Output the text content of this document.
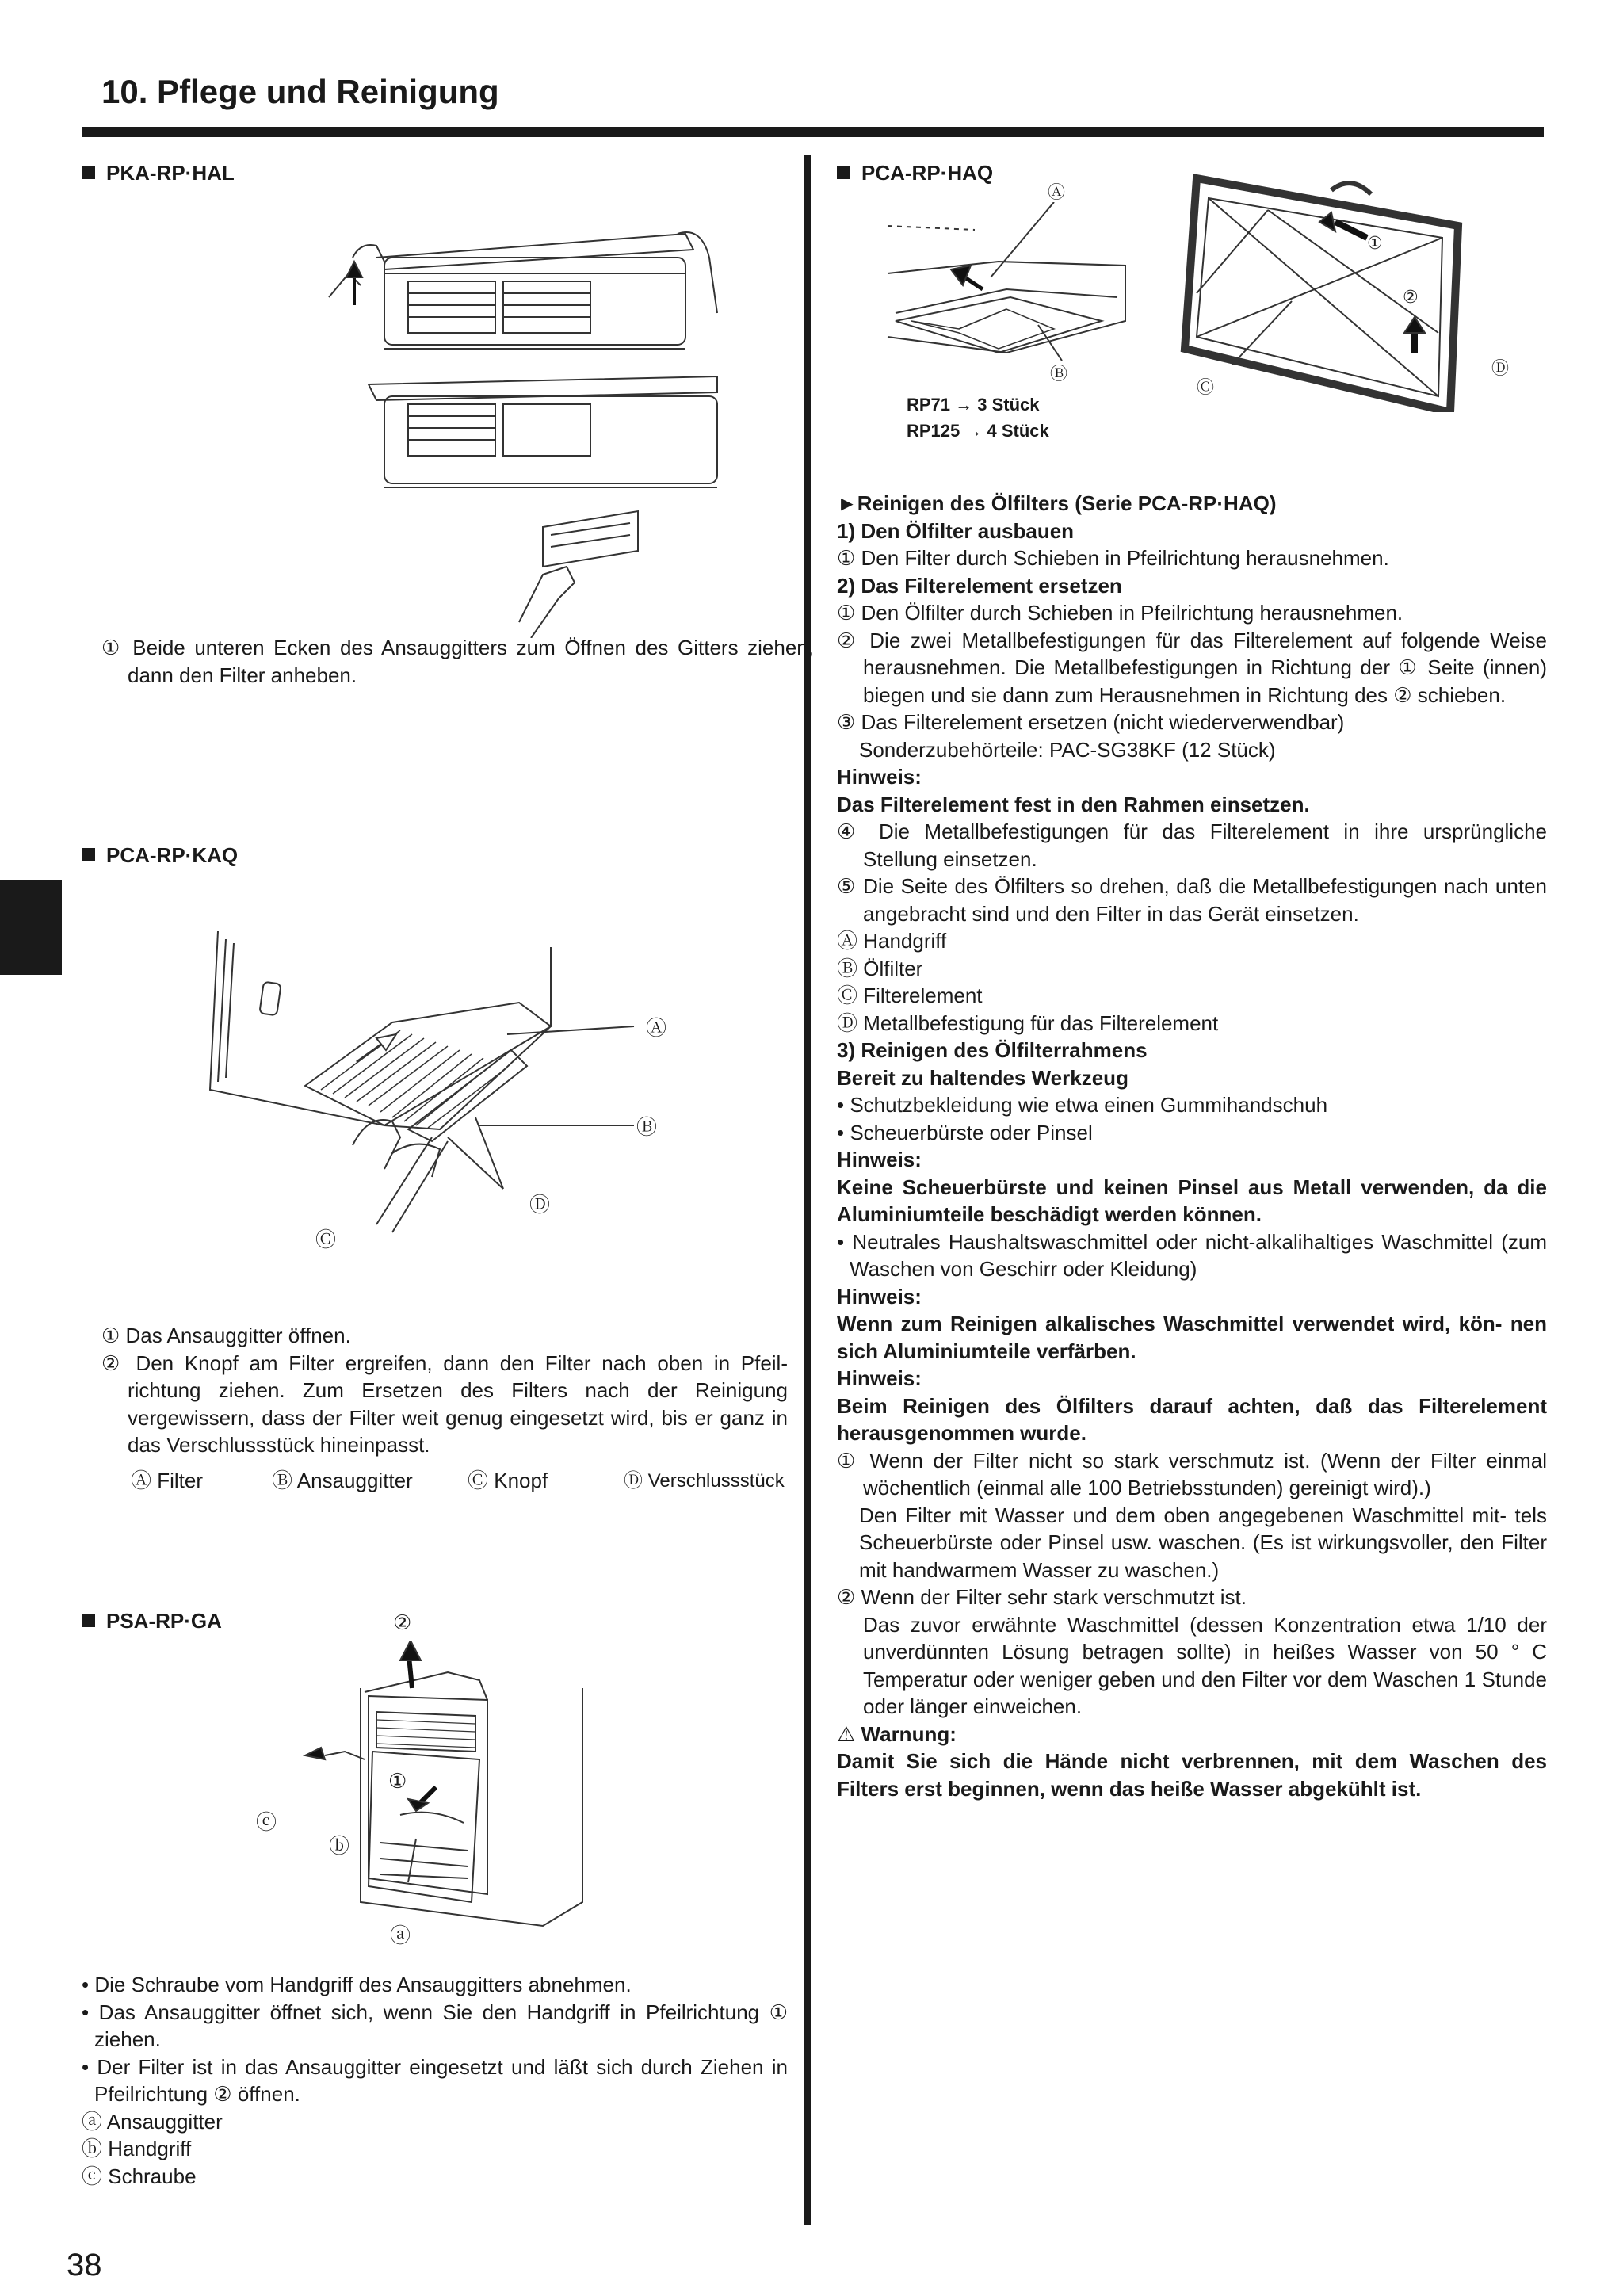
10. Pflege und Reinigung
PKA-RP·HAL
① Beide unteren Ecken des Ansauggitters zum Öffnen des Gitters ziehen, dann den Filter anheben.
PCA-RP·KAQ
Ⓐ
Ⓑ
Ⓓ
Ⓒ

① Das Ansauggitter öffnen.

② Den Knopf am Filter ergreifen, dann den Filter nach oben in Pfeil- richtung ziehen. Zum Ersetzen des Filters nach der Reinigung vergewissern, dass der Filter weit genug eingesetzt wird, bis er ganz in das Verschlussstück hineinpasst.

Ⓐ Filter	Ⓑ Ansauggitter	Ⓒ Knopf	Ⓓ Verschlussstück
PSA-RP·GA	②
①
ⓒ
ⓑ
ⓐ

• Die Schraube vom Handgriff des Ansauggitters abnehmen.

• Das Ansauggitter öffnet sich, wenn Sie den Handgriff in Pfeilrichtung ① ziehen.

• Der Filter ist in das Ansauggitter eingesetzt und läßt sich durch Ziehen in Pfeilrichtung ② öffnen.

ⓐ Ansauggitter

ⓑ Handgriff

ⓒ Schraube

38
PCA-RP·HAQ
Ⓐ
Ⓑ
RP71 → 3 Stück
RP125 → 4 Stück
①
②
Ⓓ
Ⓒ

►Reinigen des Ölfilters (Serie PCA-RP·HAQ)

1) Den Ölfilter ausbauen

① Den Filter durch Schieben in Pfeilrichtung herausnehmen.

2) Das Filterelement ersetzen

① Den Ölfilter durch Schieben in Pfeilrichtung herausnehmen.

② Die zwei Metallbefestigungen für das Filterelement auf folgende Weise herausnehmen. Die Metallbefestigungen in Richtung der ① Seite (innen) biegen und sie dann zum Herausnehmen in Richtung des ② schieben.

③ Das Filterelement ersetzen (nicht wiederverwendbar)

Sonderzubehörteile: PAC-SG38KF (12 Stück)

Hinweis:

Das Filterelement fest in den Rahmen einsetzen.

④ Die Metallbefestigungen für das Filterelement in ihre ursprüngliche Stellung einsetzen.

⑤ Die Seite des Ölfilters so drehen, daß die Metallbefestigungen nach unten angebracht sind und den Filter in das Gerät einsetzen.

Ⓐ Handgriff

Ⓑ Ölfilter

Ⓒ Filterelement

Ⓓ Metallbefestigung für das Filterelement

3) Reinigen des Ölfilterrahmens

Bereit zu haltendes Werkzeug

• Schutzbekleidung wie etwa einen Gummihandschuh

• Scheuerbürste oder Pinsel

Hinweis:

Keine Scheuerbürste und keinen Pinsel aus Metall verwenden, da die Aluminiumteile beschädigt werden können.

• Neutrales Haushaltswaschmittel oder nicht-alkalihaltiges Waschmittel (zum Waschen von Geschirr oder Kleidung)

Hinweis:

Wenn zum Reinigen alkalisches Waschmittel verwendet wird, kön- nen sich Aluminiumteile verfärben.

Hinweis:

Beim Reinigen des Ölfilters darauf achten, daß das Filterelement herausgenommen wurde.

① Wenn der Filter nicht so stark verschmutz ist. (Wenn der Filter einmal wöchentlich (einmal alle 100 Betriebsstunden) gereinigt wird).)

Den Filter mit Wasser und dem oben angegebenen Waschmittel mit- tels Scheuerbürste oder Pinsel usw. waschen. (Es ist wirkungsvoller, den Filter mit handwarmem Wasser zu waschen.)

② Wenn der Filter sehr stark verschmutzt ist.

Das zuvor erwähnte Waschmittel (dessen Konzentration etwa 1/10 der unverdünnten Lösung betragen sollte) in heißes Wasser von 50 ° C Temperatur oder weniger geben und den Filter vor dem Waschen 1 Stunde oder länger einweichen.

⚠ Warnung:

Damit Sie sich die Hände nicht verbrennen, mit dem Waschen des Filters erst beginnen, wenn das heiße Wasser abgekühlt ist.
